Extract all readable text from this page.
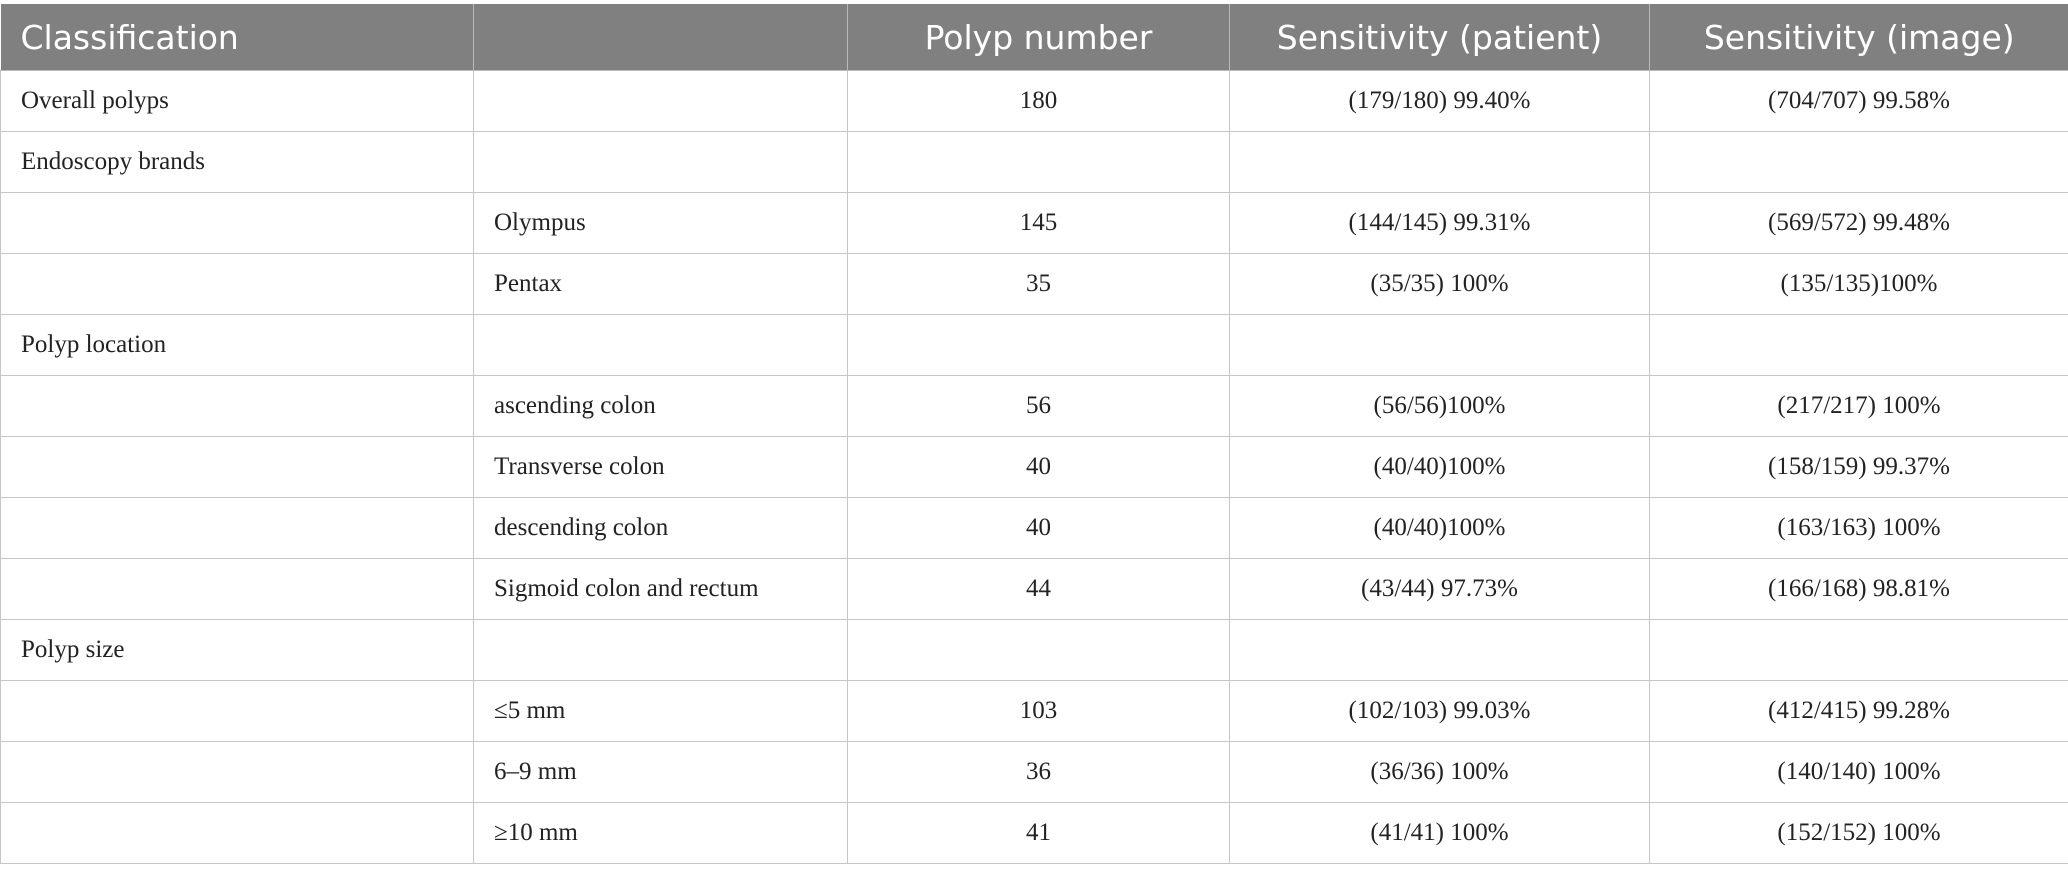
Classification		Polyp number	Sensitivity (patient)	Sensitivity (image)
Overall polyps		180	(179/180) 99.40%	(704/707) 99.58%
Endoscopy brands				
	Olympus	145	(144/145) 99.31%	(569/572) 99.48%
	Pentax	35	(35/35) 100%	(135/135)100%
Polyp location				
	ascending colon	56	(56/56)100%	(217/217) 100%
	Transverse colon	40	(40/40)100%	(158/159) 99.37%
	descending colon	40	(40/40)100%	(163/163) 100%
	Sigmoid colon and rectum	44	(43/44) 97.73%	(166/168) 98.81%
Polyp size				
	≤5 mm	103	(102/103) 99.03%	(412/415) 99.28%
	6–9 mm	36	(36/36) 100%	(140/140) 100%
	≥10 mm	41	(41/41) 100%	(152/152) 100%
